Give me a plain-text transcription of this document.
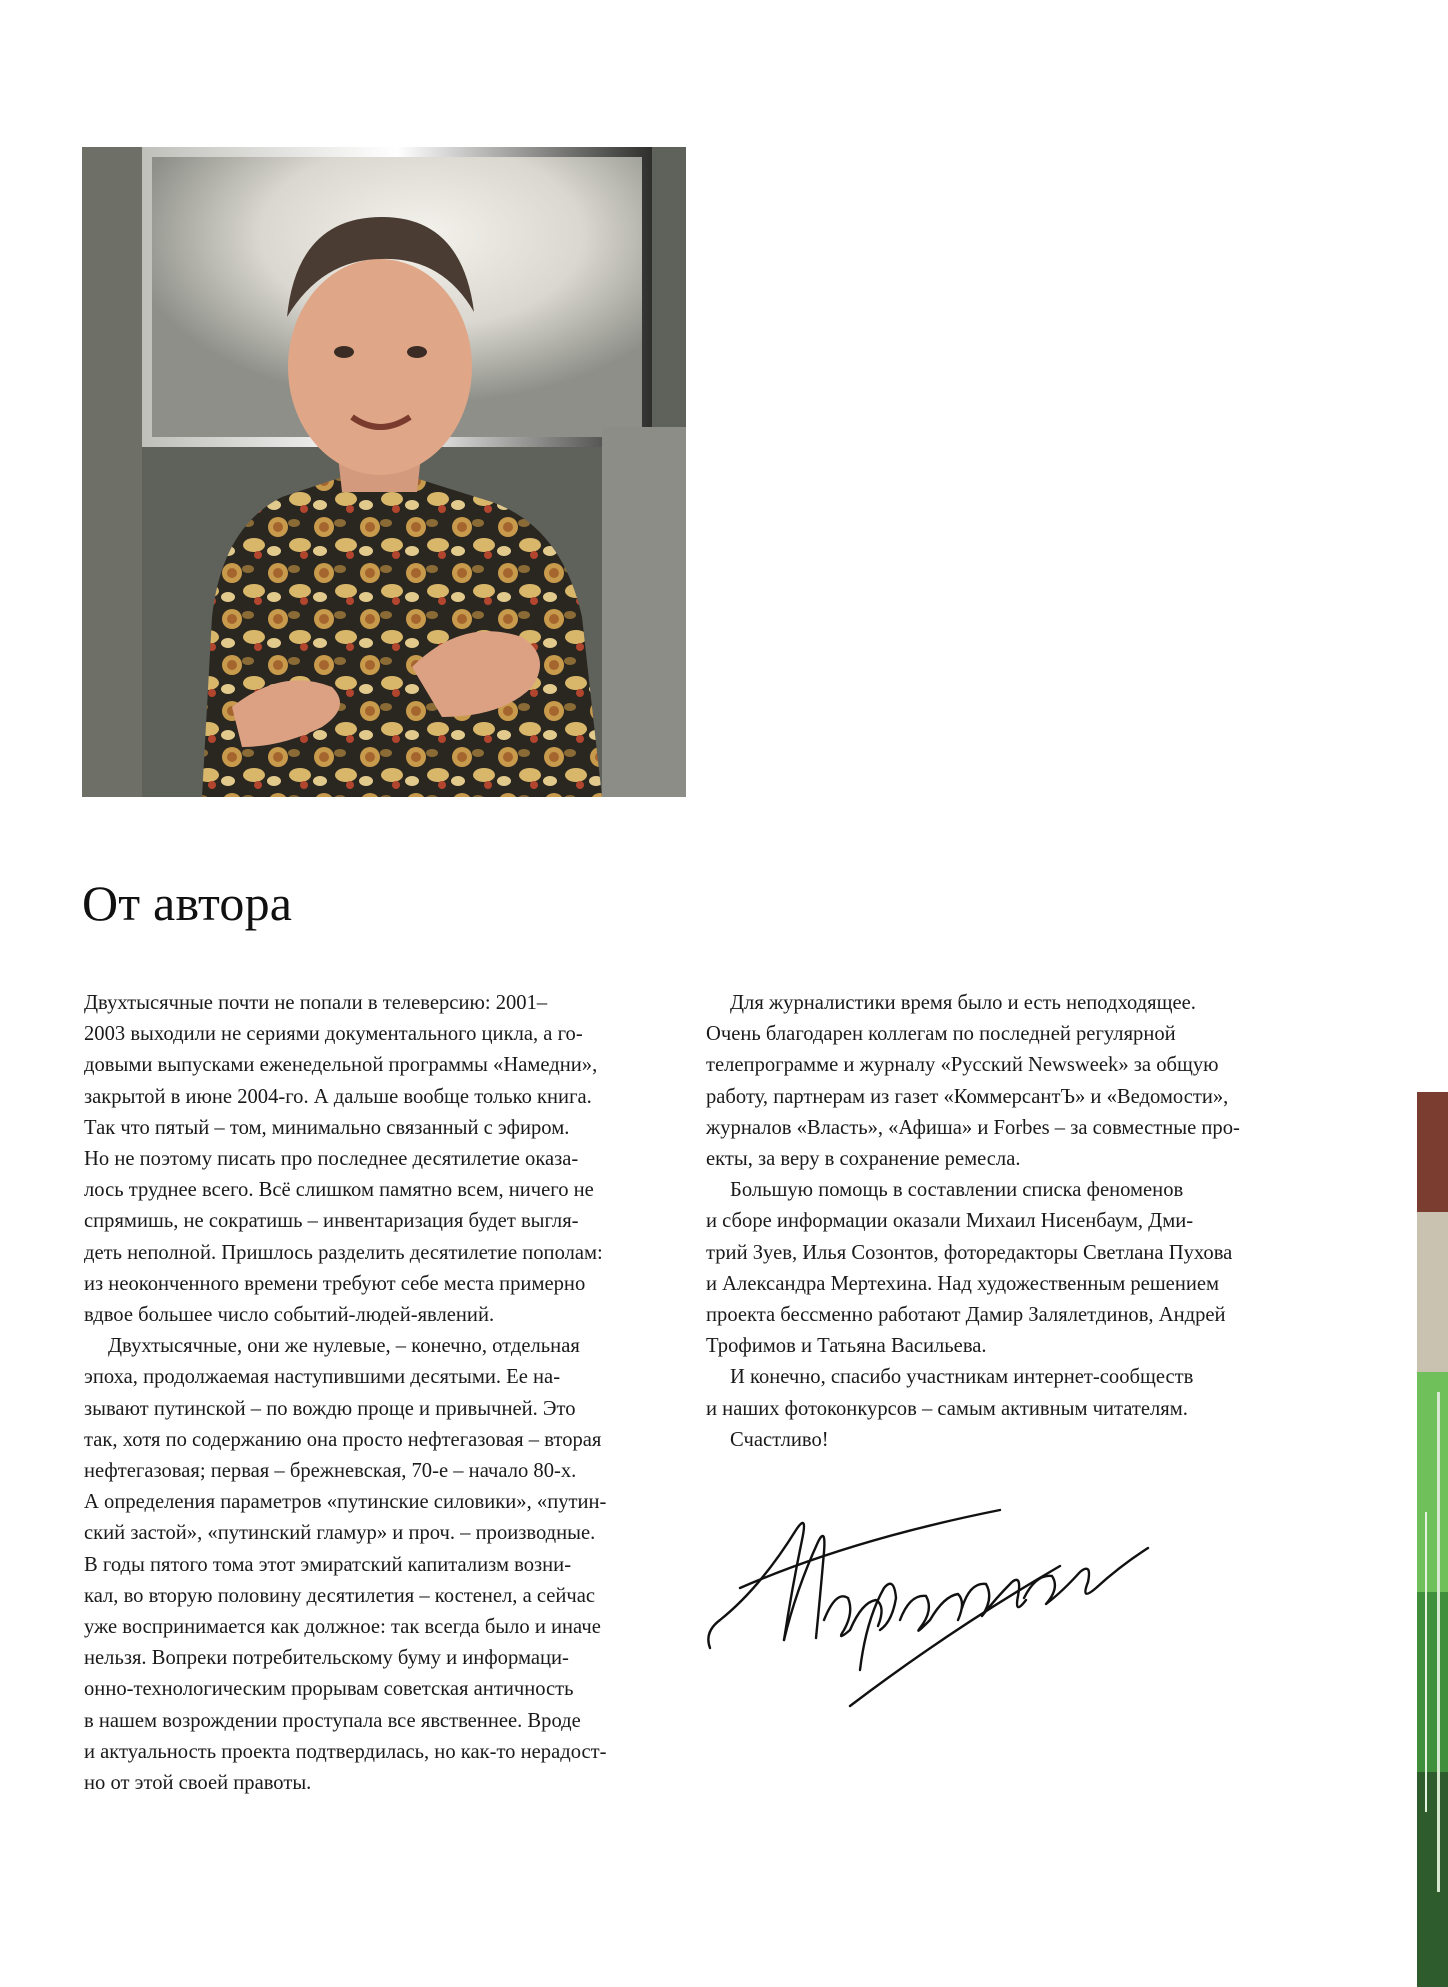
От автора
Двухтысячные почти не попали в телеверсию: 2001–
2003 выходили не сериями документального цикла, а го-
довыми выпусками еженедельной программы «Намедни»,
закрытой в июне 2004-го. А дальше вообще только книга.
Так что пятый – том, минимально связанный с эфиром.
Но не поэтому писать про последнее десятилетие оказа-
лось труднее всего. Всё слишком памятно всем, ничего не
спрямишь, не сократишь – инвентаризация будет выгля-
деть неполной. Пришлось разделить десятилетие пополам:
из неоконченного времени требуют себе места примерно
вдвое большее число событий-людей-явлений.
Двухтысячные, они же нулевые, – конечно, отдельная
эпоха, продолжаемая наступившими десятыми. Ее на-
зывают путинской – по вождю проще и привычней. Это
так, хотя по содержанию она просто нефтегазовая – вторая
нефтегазовая; первая – брежневская, 70-е – начало 80-х.
А определения параметров «путинские силовики», «путин-
ский застой», «путинский гламур» и проч. – производные.
В годы пятого тома этот эмиратский капитализм возни-
кал, во вторую половину десятилетия – костенел, а сейчас
уже воспринимается как должное: так всегда было и иначе
нельзя. Вопреки потребительскому буму и информаци-
онно-технологическим прорывам советская античность
в нашем возрождении проступала все явственнее. Вроде
и актуальность проекта подтвердилась, но как-то нерадост-
но от этой своей правоты.
Для журналистики время было и есть неподходящее.
Очень благодарен коллегам по последней регулярной
телепрограмме и журналу «Русский Newsweek» за общую
работу, партнерам из газет «КоммерсантЪ» и «Ведомости»,
журналов «Власть», «Афиша» и Forbes – за совместные про-
екты, за веру в сохранение ремесла.
Большую помощь в составлении списка феноменов
и сборе информации оказали Михаил Нисенбаум, Дми-
трий Зуев, Илья Созонтов, фоторедакторы Светлана Пухова
и Александра Мертехина. Над художественным решением
проекта бессменно работают Дамир Залялетдинов, Андрей
Трофимов и Татьяна Васильева.
И конечно, спасибо участникам интернет-сообществ
и наших фотоконкурсов – самым активным читателям.
Счастливо!
